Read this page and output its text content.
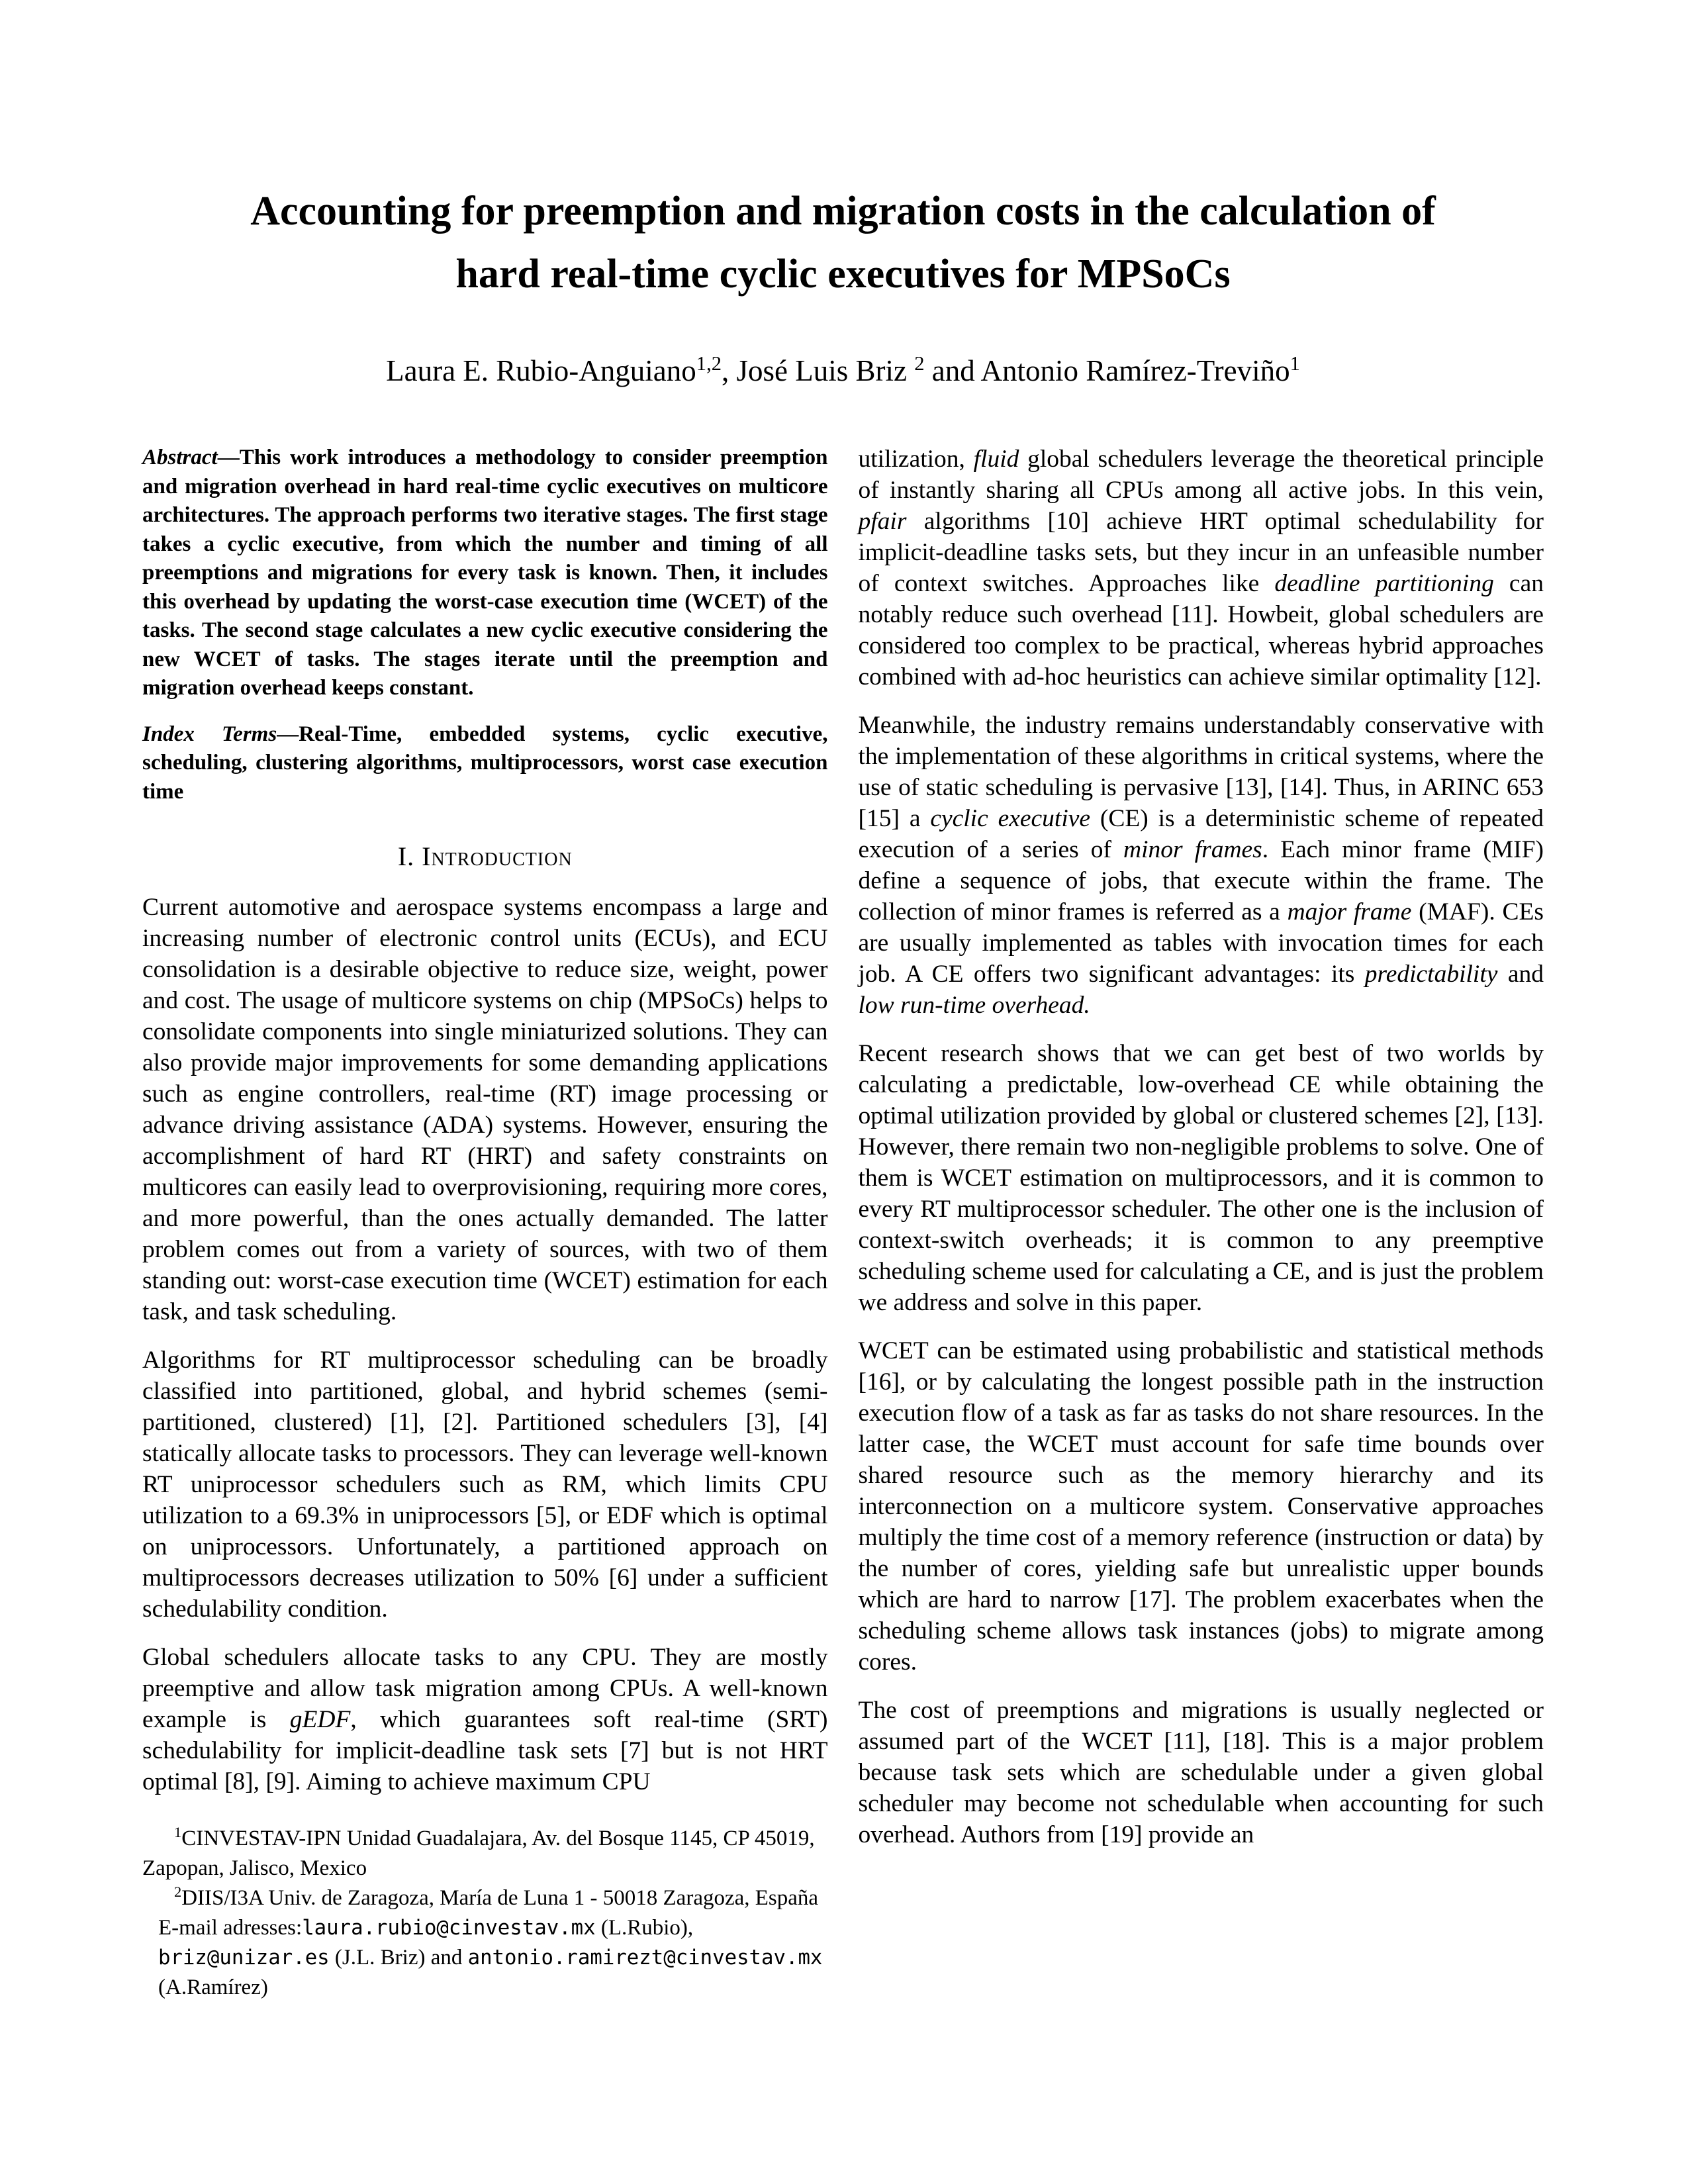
Accounting for preemption and migration costs in the calculation of
hard real-time cyclic executives for MPSoCs
Laura E. Rubio-Anguiano$^{1,2}$, José Luis Briz $^2$ and Antonio Ramírez-Treviño$^1$

Abstract—This work introduces a methodology to consider preemption and migration overhead in hard real-time cyclic executives on multicore architectures. The approach performs two iterative stages. The first stage takes a cyclic executive, from which the number and timing of all preemptions and migrations for every task is known. Then, it includes this overhead by updating the worst-case execution time (WCET) of the tasks. The second stage calculates a new cyclic executive considering the new WCET of tasks. The stages iterate until the preemption and migration overhead keeps constant.

Index Terms—Real-Time, embedded systems, cyclic executive, scheduling, clustering algorithms, multiprocessors, worst case execution time

I. Introduction

Current automotive and aerospace systems encompass a large and increasing number of electronic control units (ECUs), and ECU consolidation is a desirable objective to reduce size, weight, power and cost. The usage of multicore systems on chip (MPSoCs) helps to consolidate components into single miniaturized solutions. They can also provide major improvements for some demanding applications such as engine controllers, real-time (RT) image processing or advance driving assistance (ADA) systems. However, ensuring the accomplishment of hard RT (HRT) and safety constraints on multicores can easily lead to overprovisioning, requiring more cores, and more powerful, than the ones actually demanded. The latter problem comes out from a variety of sources, with two of them standing out: worst-case execution time (WCET) estimation for each task, and task scheduling.

Algorithms for RT multiprocessor scheduling can be broadly classified into partitioned, global, and hybrid schemes (semi-partitioned, clustered) [1], [2]. Partitioned schedulers [3], [4] statically allocate tasks to processors. They can leverage well-known RT uniprocessor schedulers such as RM, which limits CPU utilization to a 69.3% in uniprocessors [5], or EDF which is optimal on uniprocessors. Unfortunately, a partitioned approach on multiprocessors decreases utilization to 50% [6] under a sufficient schedulability condition.

Global schedulers allocate tasks to any CPU. They are mostly preemptive and allow task migration among CPUs. A well-known example is gEDF, which guarantees soft real-time (SRT) schedulability for implicit-deadline task sets [7] but is not HRT optimal [8], [9]. Aiming to achieve maximum CPU

$^1$CINVESTAV-IPN Unidad Guadalajara, Av. del Bosque 1145, CP 45019, Zapopan, Jalisco, Mexico

$^2$DIIS/I3A Univ. de Zaragoza, María de Luna 1 - 50018 Zaragoza, España

E-mail adresses:laura.rubio@cinvestav.mx (L.Rubio), briz@unizar.es (J.L. Briz) and antonio.ramirezt@cinvestav.mx (A.Ramírez)

utilization, fluid global schedulers leverage the theoretical principle of instantly sharing all CPUs among all active jobs. In this vein, pfair algorithms [10] achieve HRT optimal schedulability for implicit-deadline tasks sets, but they incur in an unfeasible number of context switches. Approaches like deadline partitioning can notably reduce such overhead [11]. Howbeit, global schedulers are considered too complex to be practical, whereas hybrid approaches combined with ad-hoc heuristics can achieve similar optimality [12].

Meanwhile, the industry remains understandably conservative with the implementation of these algorithms in critical systems, where the use of static scheduling is pervasive [13], [14]. Thus, in ARINC 653 [15] a cyclic executive (CE) is a deterministic scheme of repeated execution of a series of minor frames. Each minor frame (MIF) define a sequence of jobs, that execute within the frame. The collection of minor frames is referred as a major frame (MAF). CEs are usually implemented as tables with invocation times for each job. A CE offers two significant advantages: its predictability and low run-time overhead.

Recent research shows that we can get best of two worlds by calculating a predictable, low-overhead CE while obtaining the optimal utilization provided by global or clustered schemes [2], [13]. However, there remain two non-negligible problems to solve. One of them is WCET estimation on multiprocessors, and it is common to every RT multiprocessor scheduler. The other one is the inclusion of context-switch overheads; it is common to any preemptive scheduling scheme used for calculating a CE, and is just the problem we address and solve in this paper.

WCET can be estimated using probabilistic and statistical methods [16], or by calculating the longest possible path in the instruction execution flow of a task as far as tasks do not share resources. In the latter case, the WCET must account for safe time bounds over shared resource such as the memory hierarchy and its interconnection on a multicore system. Conservative approaches multiply the time cost of a memory reference (instruction or data) by the number of cores, yielding safe but unrealistic upper bounds which are hard to narrow [17]. The problem exacerbates when the scheduling scheme allows task instances (jobs) to migrate among cores.

The cost of preemptions and migrations is usually neglected or assumed part of the WCET [11], [18]. This is a major problem because task sets which are schedulable under a given global scheduler may become not schedulable when accounting for such overhead. Authors from [19] provide an
